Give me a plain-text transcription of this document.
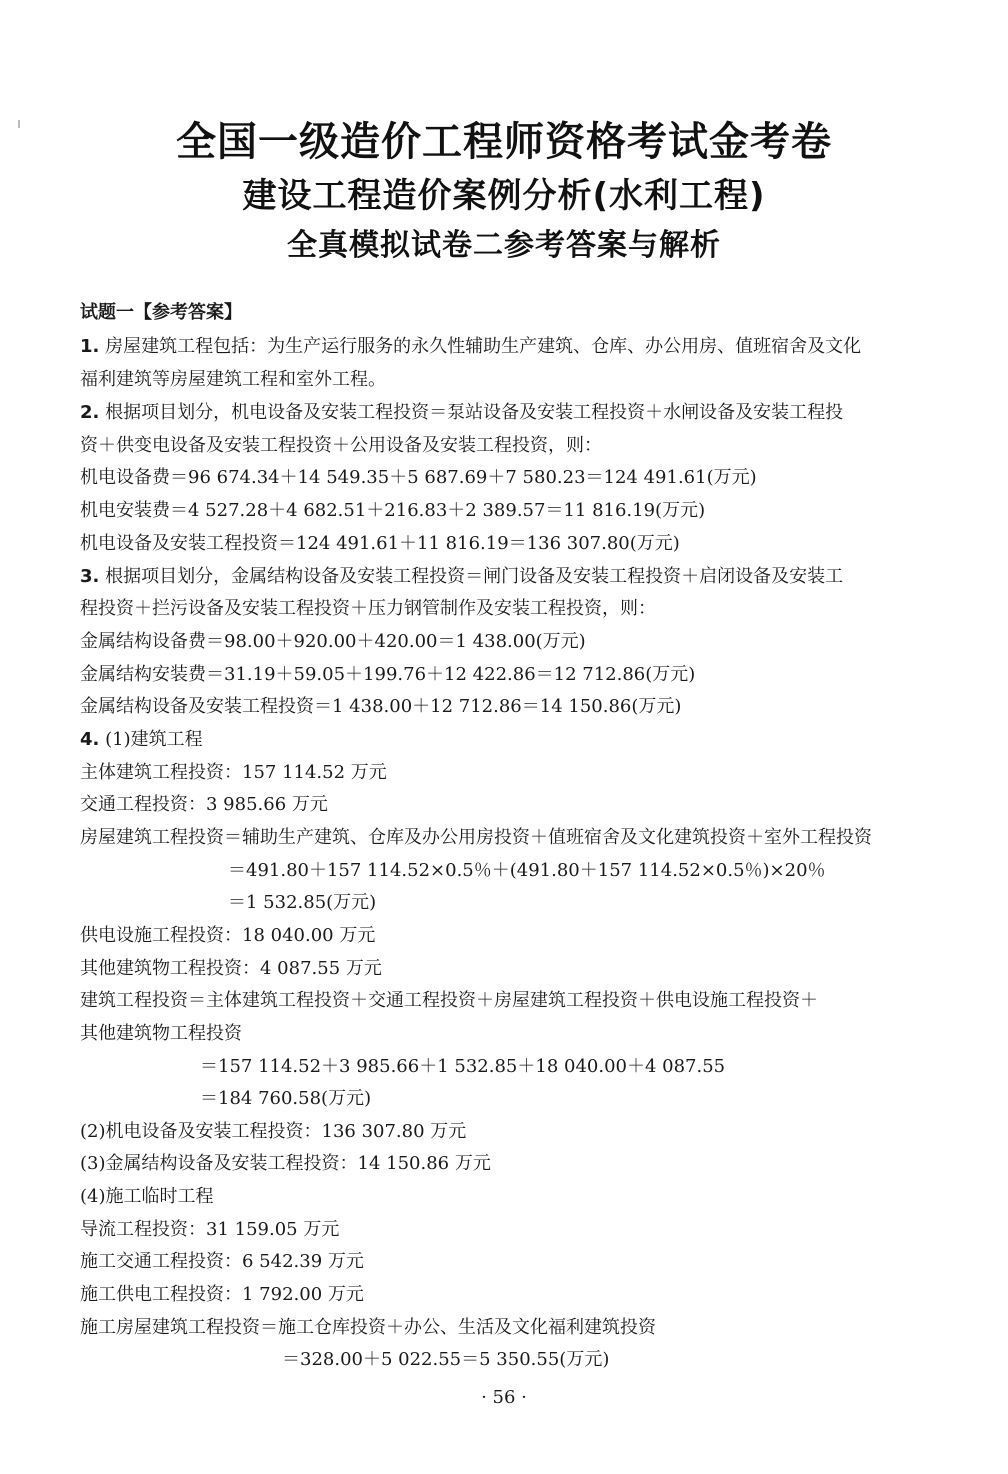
全国一级造价工程师资格考试金考卷
建设工程造价案例分析(水利工程)
全真模拟试卷二参考答案与解析
试题一【参考答案】
1. 房屋建筑工程包括：为生产运行服务的永久性辅助生产建筑、仓库、办公用房、值班宿舍及文化
福利建筑等房屋建筑工程和室外工程。
2. 根据项目划分，机电设备及安装工程投资＝泵站设备及安装工程投资＋水闸设备及安装工程投
资＋供变电设备及安装工程投资＋公用设备及安装工程投资，则：
机电设备费＝96 674.34＋14 549.35＋5 687.69＋7 580.23＝124 491.61(万元)
机电安装费＝4 527.28＋4 682.51＋216.83＋2 389.57＝11 816.19(万元)
机电设备及安装工程投资＝124 491.61＋11 816.19＝136 307.80(万元)
3. 根据项目划分，金属结构设备及安装工程投资＝闸门设备及安装工程投资＋启闭设备及安装工
程投资＋拦污设备及安装工程投资＋压力钢管制作及安装工程投资，则：
金属结构设备费＝98.00＋920.00＋420.00＝1 438.00(万元)
金属结构安装费＝31.19＋59.05＋199.76＋12 422.86＝12 712.86(万元)
金属结构设备及安装工程投资＝1 438.00＋12 712.86＝14 150.86(万元)
4. (1)建筑工程
主体建筑工程投资：157 114.52 万元
交通工程投资：3 985.66 万元
房屋建筑工程投资＝辅助生产建筑、仓库及办公用房投资＋值班宿舍及文化建筑投资＋室外工程投资
＝491.80＋157 114.52×0.5％＋(491.80＋157 114.52×0.5％)×20％
＝1 532.85(万元)
供电设施工程投资：18 040.00 万元
其他建筑物工程投资：4 087.55 万元
建筑工程投资＝主体建筑工程投资＋交通工程投资＋房屋建筑工程投资＋供电设施工程投资＋
其他建筑物工程投资
＝157 114.52＋3 985.66＋1 532.85＋18 040.00＋4 087.55
＝184 760.58(万元)
(2)机电设备及安装工程投资：136 307.80 万元
(3)金属结构设备及安装工程投资：14 150.86 万元
(4)施工临时工程
导流工程投资：31 159.05 万元
施工交通工程投资：6 542.39 万元
施工供电工程投资：1 792.00 万元
施工房屋建筑工程投资＝施工仓库投资＋办公、生活及文化福利建筑投资
＝328.00＋5 022.55＝5 350.55(万元)
· 56 ·
